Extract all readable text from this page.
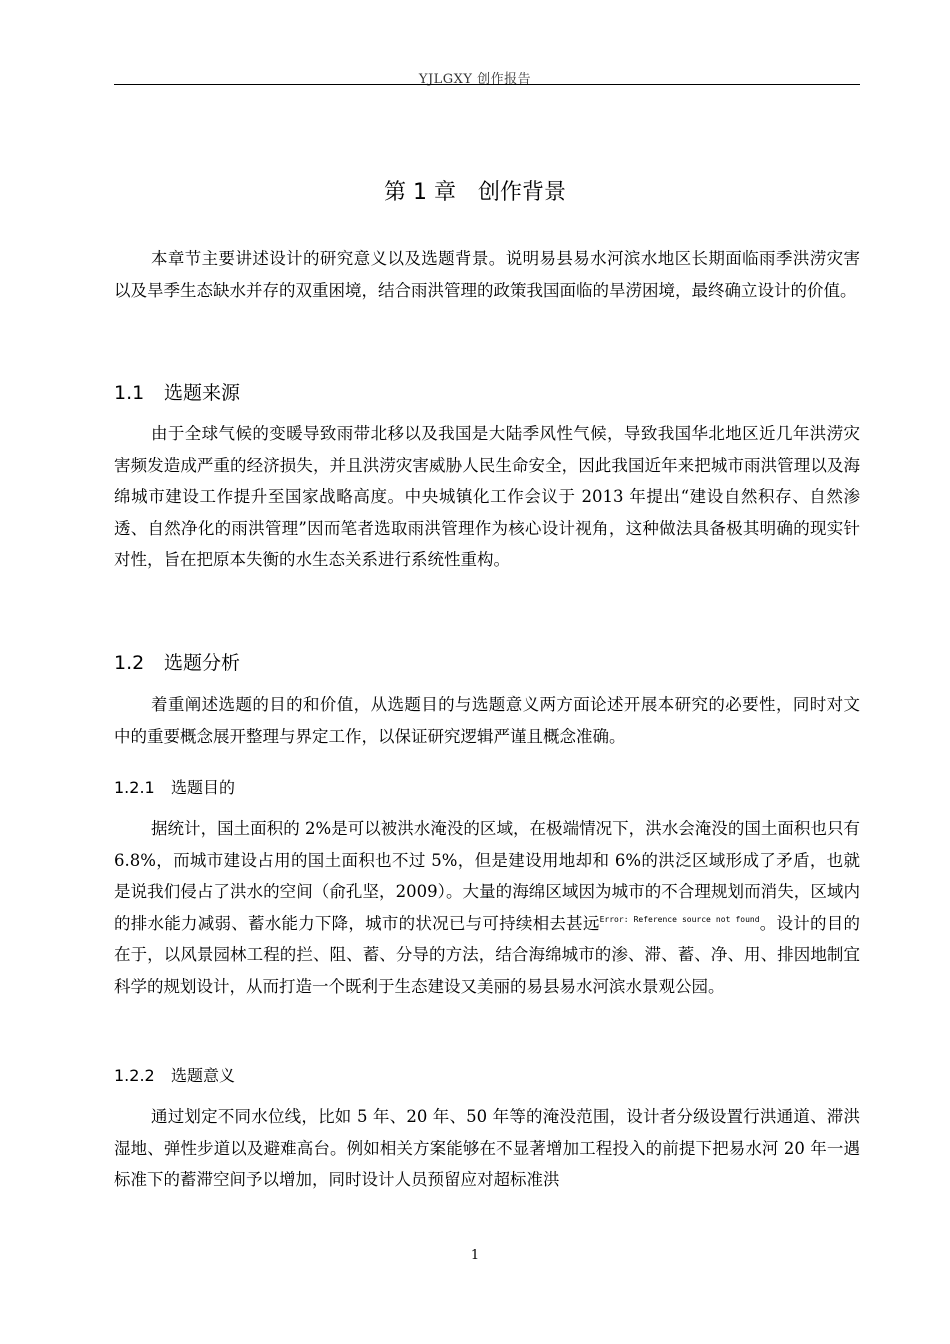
YJLGXY 创作报告
第 1 章 创作背景

本章节主要讲述设计的研究意义以及选题背景。说明易县易水河滨水地区长期面临雨季洪涝灾害以及旱季生态缺水并存的双重困境，结合雨洪管理的政策我国面临的旱涝困境，最终确立设计的价值。

1.1 选题来源

由于全球气候的变暖导致雨带北移以及我国是大陆季风性气候，导致我国华北地区近几年洪涝灾害频发造成严重的经济损失，并且洪涝灾害威胁人民生命安全，因此我国近年来把城市雨洪管理以及海绵城市建设工作提升至国家战略高度。中央城镇化工作会议于 2013 年提出“建设自然积存、自然渗透、自然净化的雨洪管理”因而笔者选取雨洪管理作为核心设计视角，这种做法具备极其明确的现实针对性，旨在把原本失衡的水生态关系进行系统性重构。

1.2 选题分析

着重阐述选题的目的和价值，从选题目的与选题意义两方面论述开展本研究的必要性，同时对文中的重要概念展开整理与界定工作，以保证研究逻辑严谨且概念准确。

1.2.1 选题目的

据统计，国土面积的 2%是可以被洪水淹没的区域，在极端情况下，洪水会淹没的国土面积也只有 6.8%，而城市建设占用的国土面积也不过 5%，但是建设用地却和 6%的洪泛区域形成了矛盾，也就是说我们侵占了洪水的空间（俞孔坚，2009）。大量的海绵区域因为城市的不合理规划而消失，区域内的排水能力减弱、蓄水能力下降，城市的状况已与可持续相去甚远$^{Error: Reference source not found}$。设计的目的在于，以风景园林工程的拦、阻、蓄、分导的方法，结合海绵城市的渗、滞、蓄、净、用、排因地制宜科学的规划设计，从而打造一个既利于生态建设又美丽的易县易水河滨水景观公园。

1.2.2 选题意义

通过划定不同水位线，比如 5 年、20 年、50 年等的淹没范围，设计者分级设置行洪通道、滞洪湿地、弹性步道以及避难高台。例如相关方案能够在不显著增加工程投入的前提下把易水河 20 年一遇标准下的蓄滞空间予以增加，同时设计人员预留应对超标准洪

1
